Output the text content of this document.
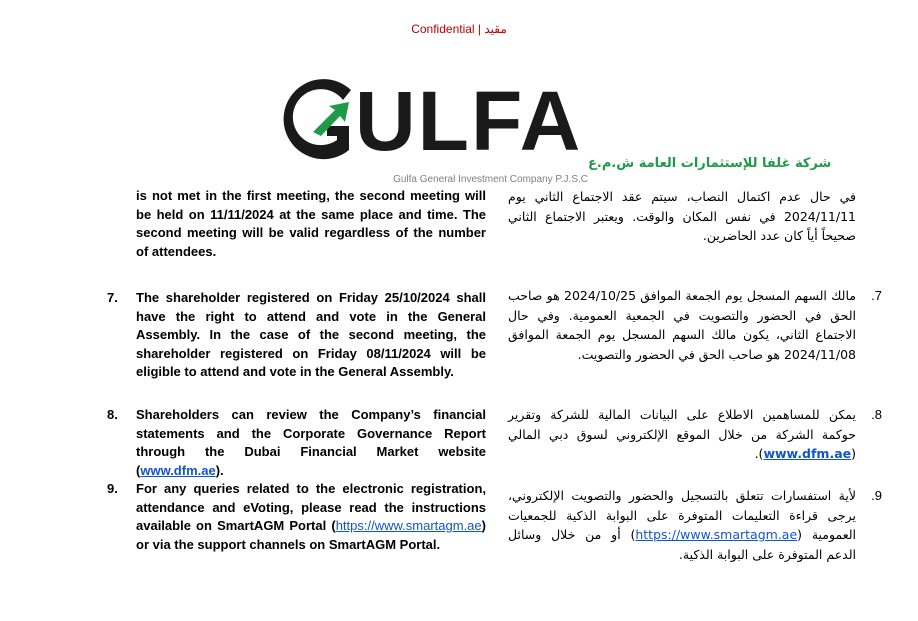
Confidential | مقيد
ULFA شركة غلفا للإستثمارات العامة ش.م.ع
Gulfa General Investment Company P.J.S.C
is not met in the first meeting, the second meeting will be held on 11/11/2024 at the same place and time. The second meeting will be valid regardless of the number of attendees.
7. The shareholder registered on Friday 25/10/2024 shall have the right to attend and vote in the General Assembly. In the case of the second meeting, the shareholder registered on Friday 08/11/2024 will be eligible to attend and vote in the General Assembly.
8. Shareholders can review the Company’s financial statements and the Corporate Governance Report through the Dubai Financial Market website (www.dfm.ae).
9. For any queries related to the electronic registration, attendance and eVoting, please read the instructions available on SmartAGM Portal (https://www.smartagm.ae) or via the support channels on SmartAGM Portal.
في حال عدم اكتمال النصاب، سيتم عقد الاجتماع الثاني يوم 2024/11/11 في نفس المكان والوقت. ويعتبر الاجتماع الثاني صحيحاً أياً كان عدد الحاضرين.
.7
مالك السهم المسجل يوم الجمعة الموافق 2024/10/25 هو صاحب الحق في الحضور والتصويت في الجمعية العمومية. وفي حال الاجتماع الثاني، يكون مالك السهم المسجل يوم الجمعة الموافق 2024/11/08 هو صاحب الحق في الحضور والتصويت.
.8
يمكن للمساهمين الاطلاع على البيانات المالية للشركة وتقرير حوكمة الشركة من خلال الموقع الإلكتروني لسوق دبي المالي (www.dfm.ae).
.9
لأية استفسارات تتعلق بالتسجيل والحضور والتصويت الإلكتروني، يرجى قراءة التعليمات المتوفرة على البوابة الذكية للجمعيات العمومية (https://www.smartagm.ae) أو من خلال وسائل الدعم المتوفرة على البوابة الذكية.
